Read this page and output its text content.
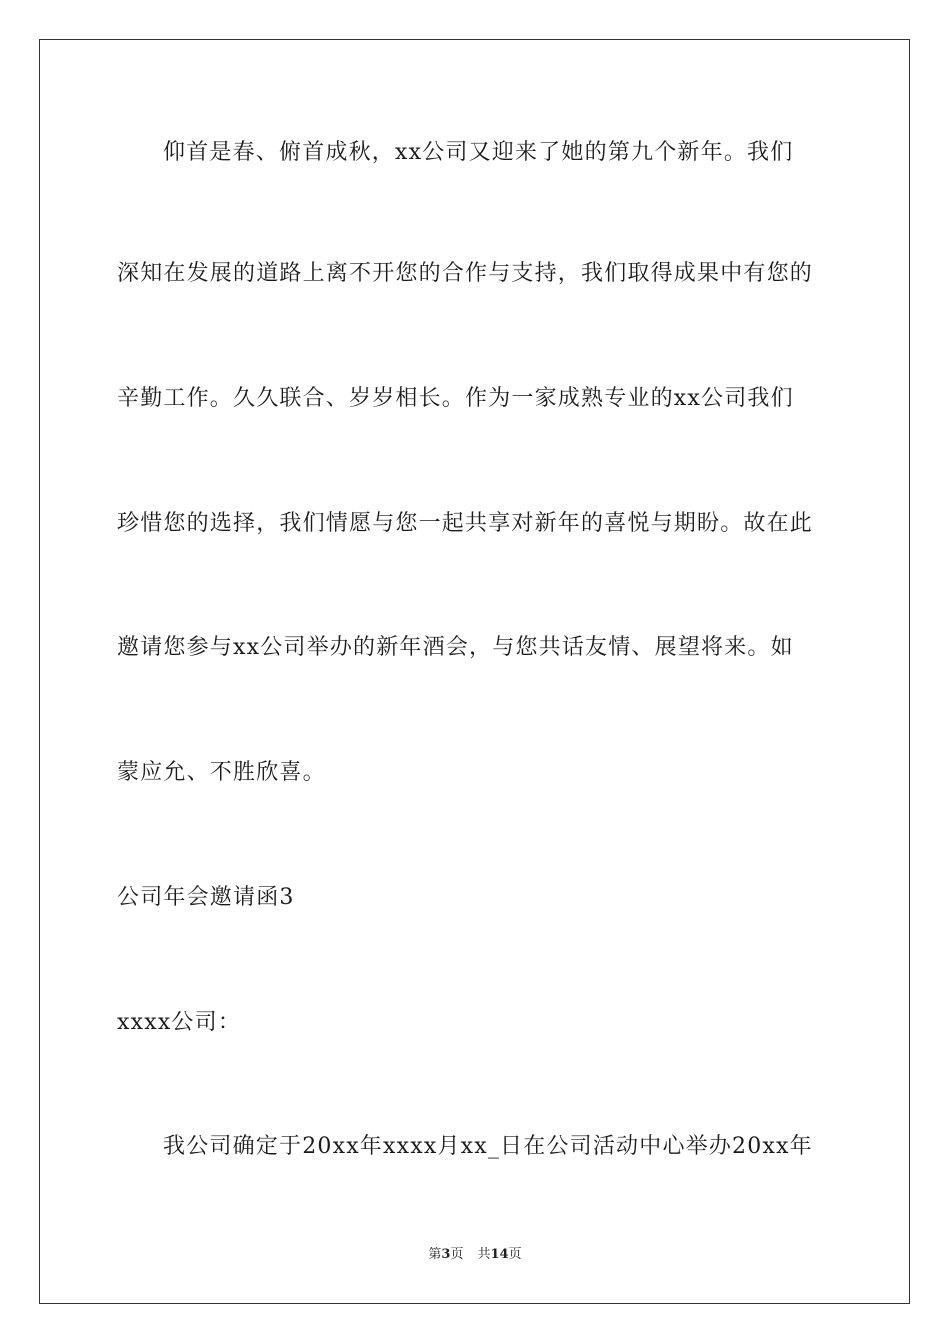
仰首是春、俯首成秋，xx公司又迎来了她的第九个新年。我们
深知在发展的道路上离不开您的合作与支持，我们取得成果中有您的
辛勤工作。久久联合、岁岁相长。作为一家成熟专业的xx公司我们
珍惜您的选择，我们情愿与您一起共享对新年的喜悦与期盼。故在此
邀请您参与xx公司举办的新年酒会，与您共话友情、展望将来。如
蒙应允、不胜欣喜。
公司年会邀请函3
xxxx公司：
我公司确定于20xx年xxxx月xx_日在公司活动中心举办20xx年
第3页 共14页
